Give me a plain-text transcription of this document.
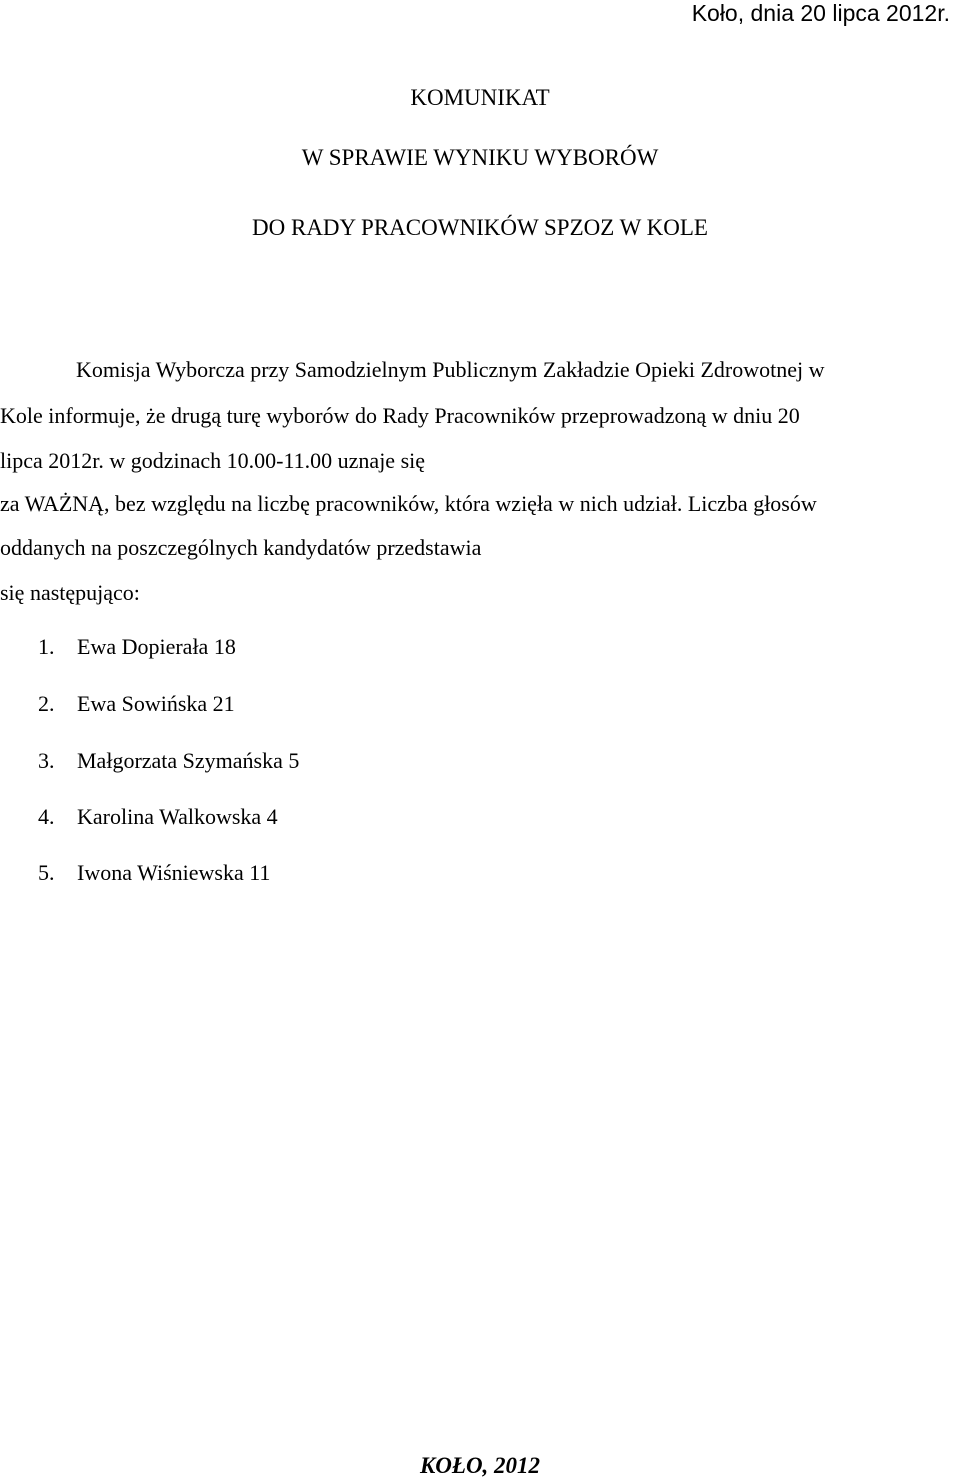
Koło, dnia 20 lipca 2012r.

KOMUNIKAT
W SPRAWIE WYNIKU WYBORÓW
DO RADY PRACOWNIKÓW SPZOZ W KOLE

Komisja Wyborcza przy Samodzielnym Publicznym Zakładzie Opieki Zdrowotnej w

Kole informuje, że drugą turę wyborów do Rady Pracowników przeprowadzoną w dniu 20

lipca 2012r. w godzinach 10.00-11.00 uznaje się

za WAŻNĄ, bez względu na liczbę pracowników, która wzięła w nich udział. Liczba głosów

oddanych na poszczególnych kandydatów przedstawia

się następująco:

1. Ewa Dopierała 18

2. Ewa Sowińska 21

3. Małgorzata Szymańska 5

4. Karolina Walkowska 4

5. Iwona Wiśniewska 11

KOŁO, 2012
